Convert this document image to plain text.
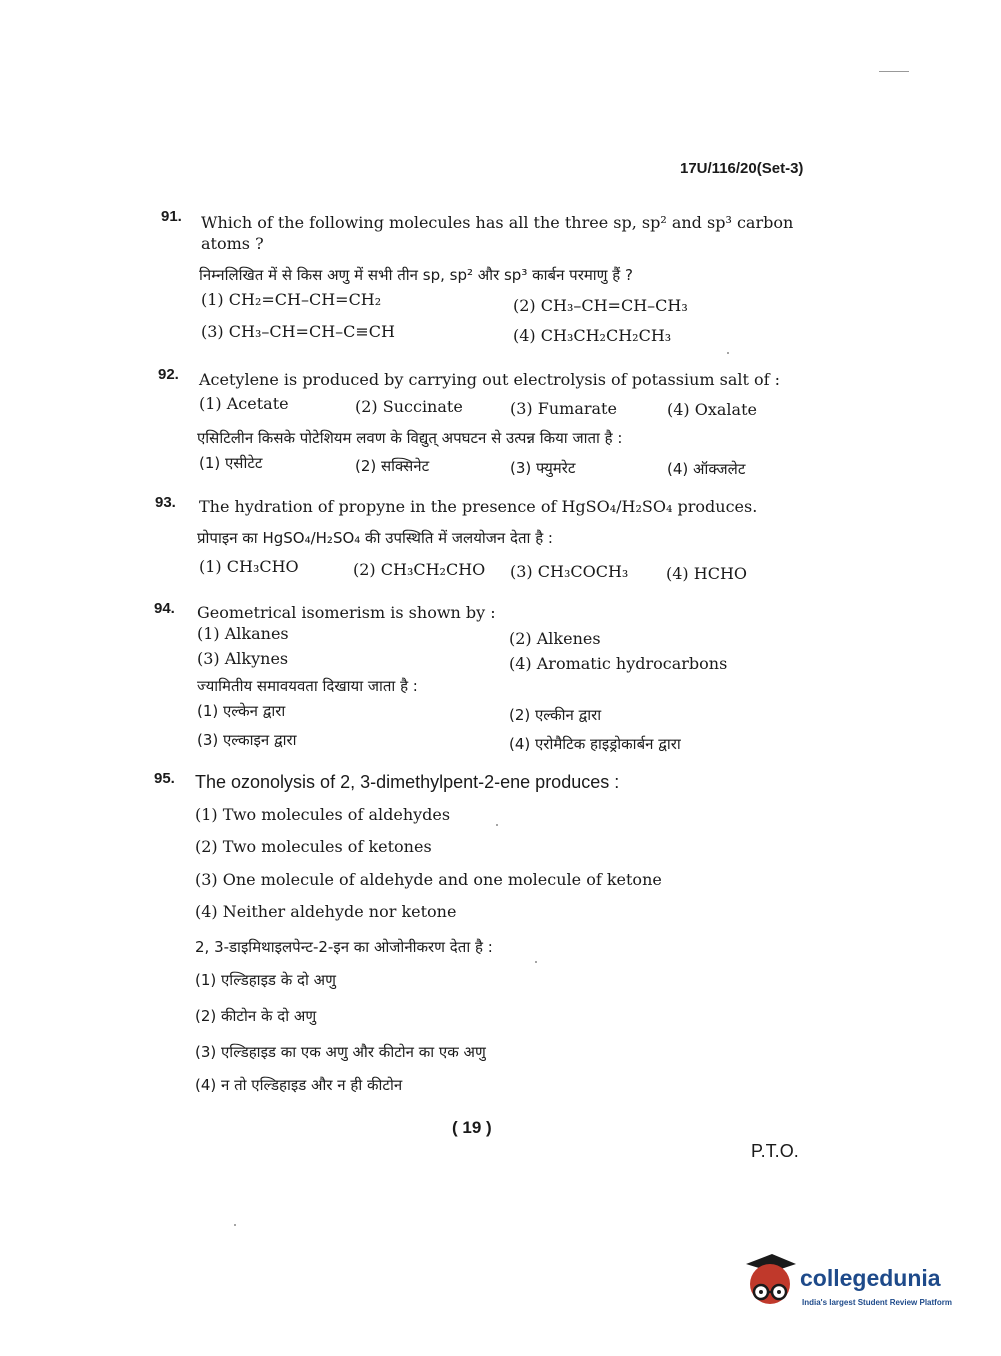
17U/116/20(Set-3)
91. Which of the following molecules has all the three sp, sp² and sp³ carbon
atoms ?
निम्नलिखित में से किस अणु में सभी तीन sp, sp² और sp³ कार्बन परमाणु हैं ?
(1) CH₂=CH–CH=CH₂	(2) CH₃–CH=CH–CH₃
(3) CH₃–CH=CH–C≡CH	(4) CH₃CH₂CH₂CH₃
92. Acetylene is produced by carrying out electrolysis of potassium salt of :
(1) Acetate	(2) Succinate	(3) Fumarate	(4) Oxalate
एसिटिलीन किसके पोटेशियम लवण के विद्युत् अपघटन से उत्पन्न किया जाता है :
(1) एसीटेट	(2) सक्सिनेट	(3) फ्युमरेट	(4) ऑक्जलेट
93. The hydration of propyne in the presence of HgSO₄/H₂SO₄ produces.
प्रोपाइन का HgSO₄/H₂SO₄ की उपस्थिति में जलयोजन देता है :
(1) CH₃CHO	(2) CH₃CH₂CHO (3) CH₃COCH₃ (4) HCHO
94. Geometrical isomerism is shown by :
(1) Alkanes	(2) Alkenes
(3) Alkynes	(4) Aromatic hydrocarbons
ज्यामितीय समावयवता दिखाया जाता है :
(1) एल्केन द्वारा	(2) एल्कीन द्वारा
(3) एल्काइन द्वारा	(4) एरोमैटिक हाइड्रोकार्बन द्वारा
95. The ozonolysis of 2, 3-dimethylpent-2-ene produces :
(1) Two molecules of aldehydes
(2) Two molecules of ketones
(3) One molecule of aldehyde and one molecule of ketone
(4) Neither aldehyde nor ketone
2, 3-डाइमिथाइलपेन्ट-2-इन का ओजोनीकरण देता है :
(1) एल्डिहाइड के दो अणु
(2) कीटोन के दो अणु
(3) एल्डिहाइड का एक अणु और कीटोन का एक अणु
(4) न तो एल्डिहाइड और न ही कीटोन
( 19 )
P.T.O.
collegedunia
India's largest Student Review Platform
